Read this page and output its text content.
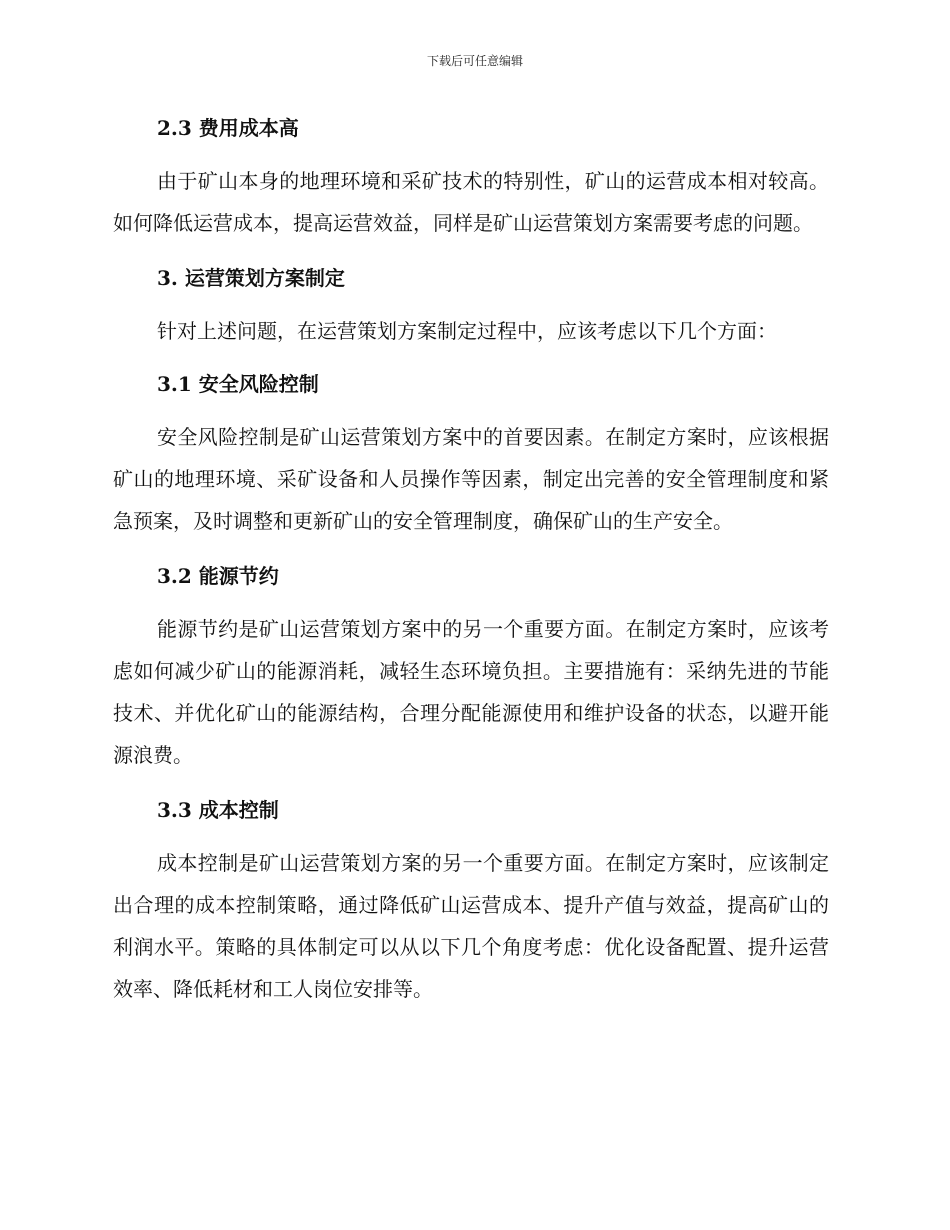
下载后可任意编辑
2.3 费用成本高

由于矿山本身的地理环境和采矿技术的特别性，矿山的运营成本相对较高。如何降低运营成本，提高运营效益，同样是矿山运营策划方案需要考虑的问题。

3. 运营策划方案制定

针对上述问题，在运营策划方案制定过程中，应该考虑以下几个方面：

3.1 安全风险控制

安全风险控制是矿山运营策划方案中的首要因素。在制定方案时，应该根据矿山的地理环境、采矿设备和人员操作等因素，制定出完善的安全管理制度和紧急预案，及时调整和更新矿山的安全管理制度，确保矿山的生产安全。

3.2 能源节约

能源节约是矿山运营策划方案中的另一个重要方面。在制定方案时，应该考虑如何减少矿山的能源消耗，减轻生态环境负担。主要措施有：采纳先进的节能技术、并优化矿山的能源结构，合理分配能源使用和维护设备的状态，以避开能源浪费。

3.3 成本控制

成本控制是矿山运营策划方案的另一个重要方面。在制定方案时，应该制定出合理的成本控制策略，通过降低矿山运营成本、提升产值与效益，提高矿山的利润水平。策略的具体制定可以从以下几个角度考虑：优化设备配置、提升运营效率、降低耗材和工人岗位安排等。
